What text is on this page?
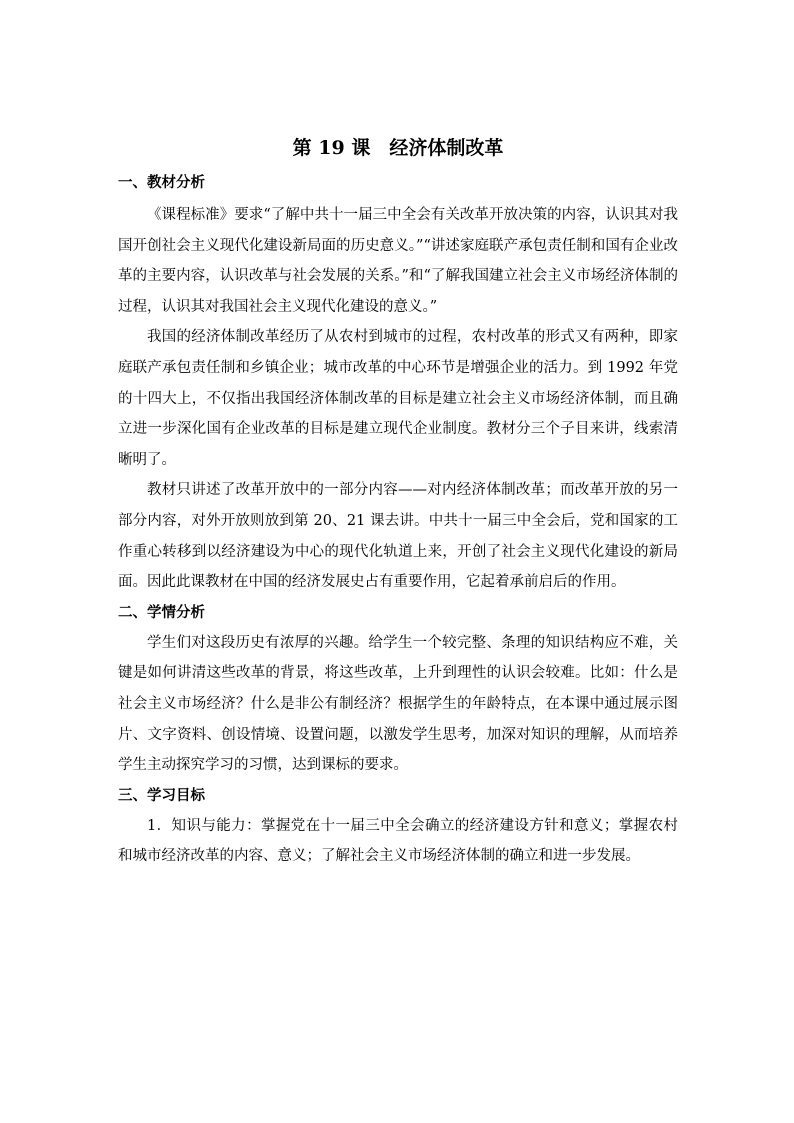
第 19 课　经济体制改革
一、教材分析

《课程标准》要求“了解中共十一届三中全会有关改革开放决策的内容，认识其对我国开创社会主义现代化建设新局面的历史意义。”“讲述家庭联产承包责任制和国有企业改革的主要内容，认识改革与社会发展的关系。”和“了解我国建立社会主义市场经济体制的过程，认识其对我国社会主义现代化建设的意义。”

我国的经济体制改革经历了从农村到城市的过程，农村改革的形式又有两种，即家庭联产承包责任制和乡镇企业；城市改革的中心环节是增强企业的活力。到 1992 年党的十四大上，不仅指出我国经济体制改革的目标是建立社会主义市场经济体制，而且确立进一步深化国有企业改革的目标是建立现代企业制度。教材分三个子目来讲，线索清晰明了。

教材只讲述了改革开放中的一部分内容——对内经济体制改革；而改革开放的另一部分内容，对外开放则放到第 20、21 课去讲。中共十一届三中全会后，党和国家的工作重心转移到以经济建设为中心的现代化轨道上来，开创了社会主义现代化建设的新局面。因此此课教材在中国的经济发展史占有重要作用，它起着承前启后的作用。

二、学情分析

学生们对这段历史有浓厚的兴趣。给学生一个较完整、条理的知识结构应不难，关键是如何讲清这些改革的背景，将这些改革，上升到理性的认识会较难。比如：什么是社会主义市场经济？什么是非公有制经济？根据学生的年龄特点，在本课中通过展示图片、文字资料、创设情境、设置问题，以激发学生思考，加深对知识的理解，从而培养学生主动探究学习的习惯，达到课标的要求。

三、学习目标

1．知识与能力：掌握党在十一届三中全会确立的经济建设方针和意义；掌握农村和城市经济改革的内容、意义；了解社会主义市场经济体制的确立和进一步发展。
